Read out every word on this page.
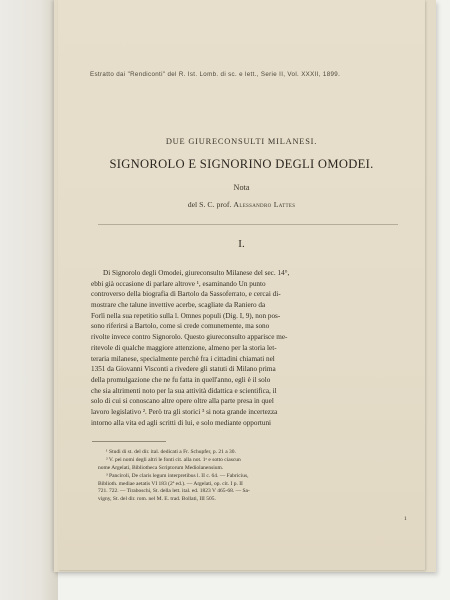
Estratto dai "Rendiconti" del R. Ist. Lomb. di sc. e lett., Serie II, Vol. XXXII, 1899.
DUE GIURECONSULTI MILANESI.
SIGNOROLO E SIGNORINO DEGLI OMODEI.
Nota
del S. C. prof. Alessandro Lattes
I.
Di Signorolo degli Omodei, giureconsulto Milanese del sec. 14°,
ebbi già occasione di parlare altrove ¹, esaminando Un punto
controverso della biografia di Bartolo da Sassoferrato, e cercai di-
mostrare che talune invettive acerbe, scagliate da Raniero da
Forlì nella sua repetitio sulla l. Omnes populi (Dig. I, 9), non pos-
sono riferirsi a Bartolo, come si crede comunemente, ma sono
rivolte invece contro Signorolo. Questo giureconsulto apparisce me-
ritevole di qualche maggiore attenzione, almeno per la storia let-
teraria milanese, specialmente perchè fra i cittadini chiamati nel
1351 da Giovanni Visconti a rivedere gli statuti di Milano prima
della promulgazione che ne fu fatta in quell'anno, egli è il solo
che sia altrimenti noto per la sua attività didattica e scientifica, il
solo di cui si conoscano altre opere oltre alla parte presa in quel
lavoro legislativo ². Però tra gli storici ³ si nota grande incertezza
intorno alla vita ed agli scritti di lui, e solo mediante opportuni
¹ Studi di st. del dir. ital. dedicati a Fr. Schupfer, p. 21 a 30.
² V. pei nomi degli altri le fonti cit. alla not. 1ᵃ e sotto ciascun
nome Argelati, Bibliotheca Scriptorum Mediolanensium.
³ Panciroli, De claris legum interpretibus l. II c. 64. — Fabricius,
Biblioth. mediae aetatis VI 183 (2ª ed.). — Argelati, op. cit. I p. II
721. 722. — Tiraboschi, St. della lett. ital. ed. 1823 V 465-68. — Sa-
vigny, St. del dir. rom. nel M. E. trad. Bollati, III 505.
1
